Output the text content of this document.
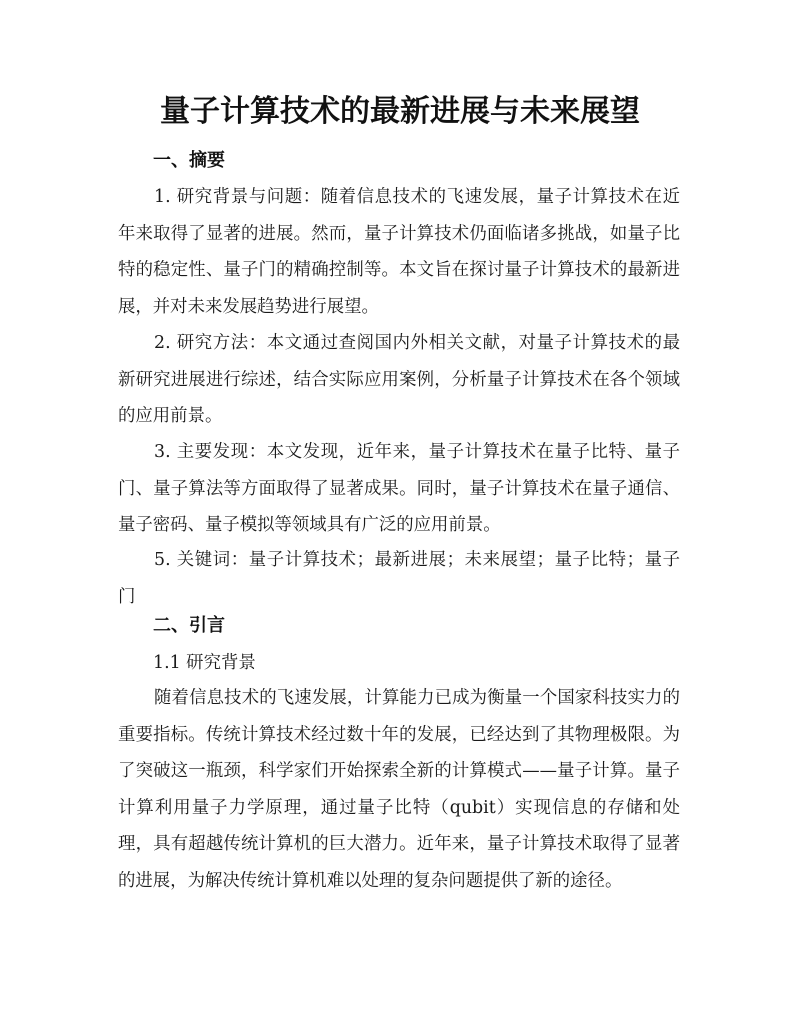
量子计算技术的最新进展与未来展望
一、摘要
1. 研究背景与问题：随着信息技术的飞速发展，量子计算技术在近年来取得了显著的进展。然而，量子计算技术仍面临诸多挑战，如量子比特的稳定性、量子门的精确控制等。本文旨在探讨量子计算技术的最新进展，并对未来发展趋势进行展望。
2. 研究方法：本文通过查阅国内外相关文献，对量子计算技术的最新研究进展进行综述，结合实际应用案例，分析量子计算技术在各个领域的应用前景。
3. 主要发现：本文发现，近年来，量子计算技术在量子比特、量子门、量子算法等方面取得了显著成果。同时，量子计算技术在量子通信、量子密码、量子模拟等领域具有广泛的应用前景。
5. 关键词：量子计算技术；最新进展；未来展望；量子比特；量子门
二、引言
1.1 研究背景
随着信息技术的飞速发展，计算能力已成为衡量一个国家科技实力的重要指标。传统计算技术经过数十年的发展，已经达到了其物理极限。为了突破这一瓶颈，科学家们开始探索全新的计算模式——量子计算。量子计算利用量子力学原理，通过量子比特（qubit）实现信息的存储和处理，具有超越传统计算机的巨大潜力。近年来，量子计算技术取得了显著的进展，为解决传统计算机难以处理的复杂问题提供了新的途径。
